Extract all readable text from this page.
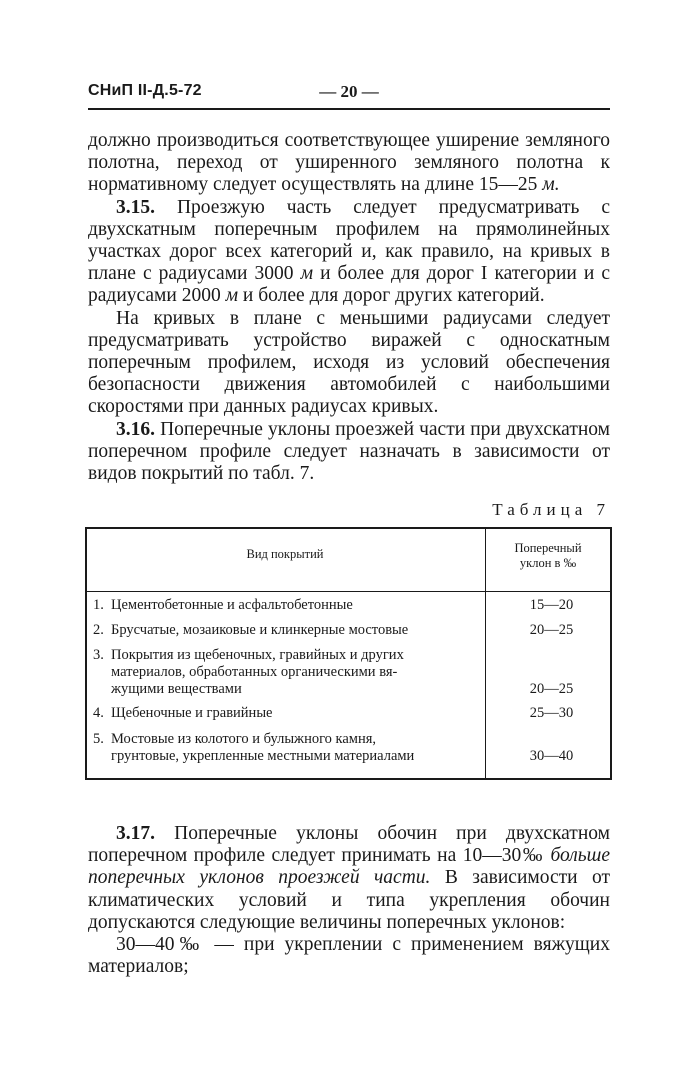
СНиП II-Д.5-72	— 20 —

должно производиться соответствующее уширение земляного полотна, переход от уширенного земляного полотна к нормативному следует осуществлять на длине 15—25 м.

3.15. Проезжую часть следует предусматривать с двухскатным поперечным профилем на прямолинейных участках дорог всех категорий и, как правило, на кривых в плане с радиусами 3000 м и более для дорог I категории и с радиусами 2000 м и более для дорог других категорий.

На кривых в плане с меньшими радиусами следует предусматривать устройство виражей с односкатным поперечным профилем, исходя из условий обеспечения безопасности движения автомобилей с наибольшими скоростями при данных радиусах кривых.

3.16. Поперечные уклоны проезжей части при двухскатном поперечном профиле следует назначать в зависимости от видов покрытий по табл. 7.

Таблица 7
Вид покрытий	Поперечный
уклон в ‰
1. Цементобетонные и асфальтобетонные	15—20
2. Брусчатые, мозаиковые и клинкерные мостовые	20—25
3. Покрытия из щебеночных, гравийных и других
материалов, обработанных органическими вя-
жущими веществами	20—25
4. Щебеночные и гравийные	25—30
5. Мостовые из колотого и булыжного камня,
грунтовые, укрепленные местными материалами	30—40

3.17. Поперечные уклоны обочин при двухскатном поперечном профиле следует принимать на 10—30‰ больше поперечных уклонов проезжей части. В зависимости от климатических условий и типа укрепления обочин допускаются следующие величины поперечных уклонов:

30—40‰ — при укреплении с применением вяжущих материалов;
